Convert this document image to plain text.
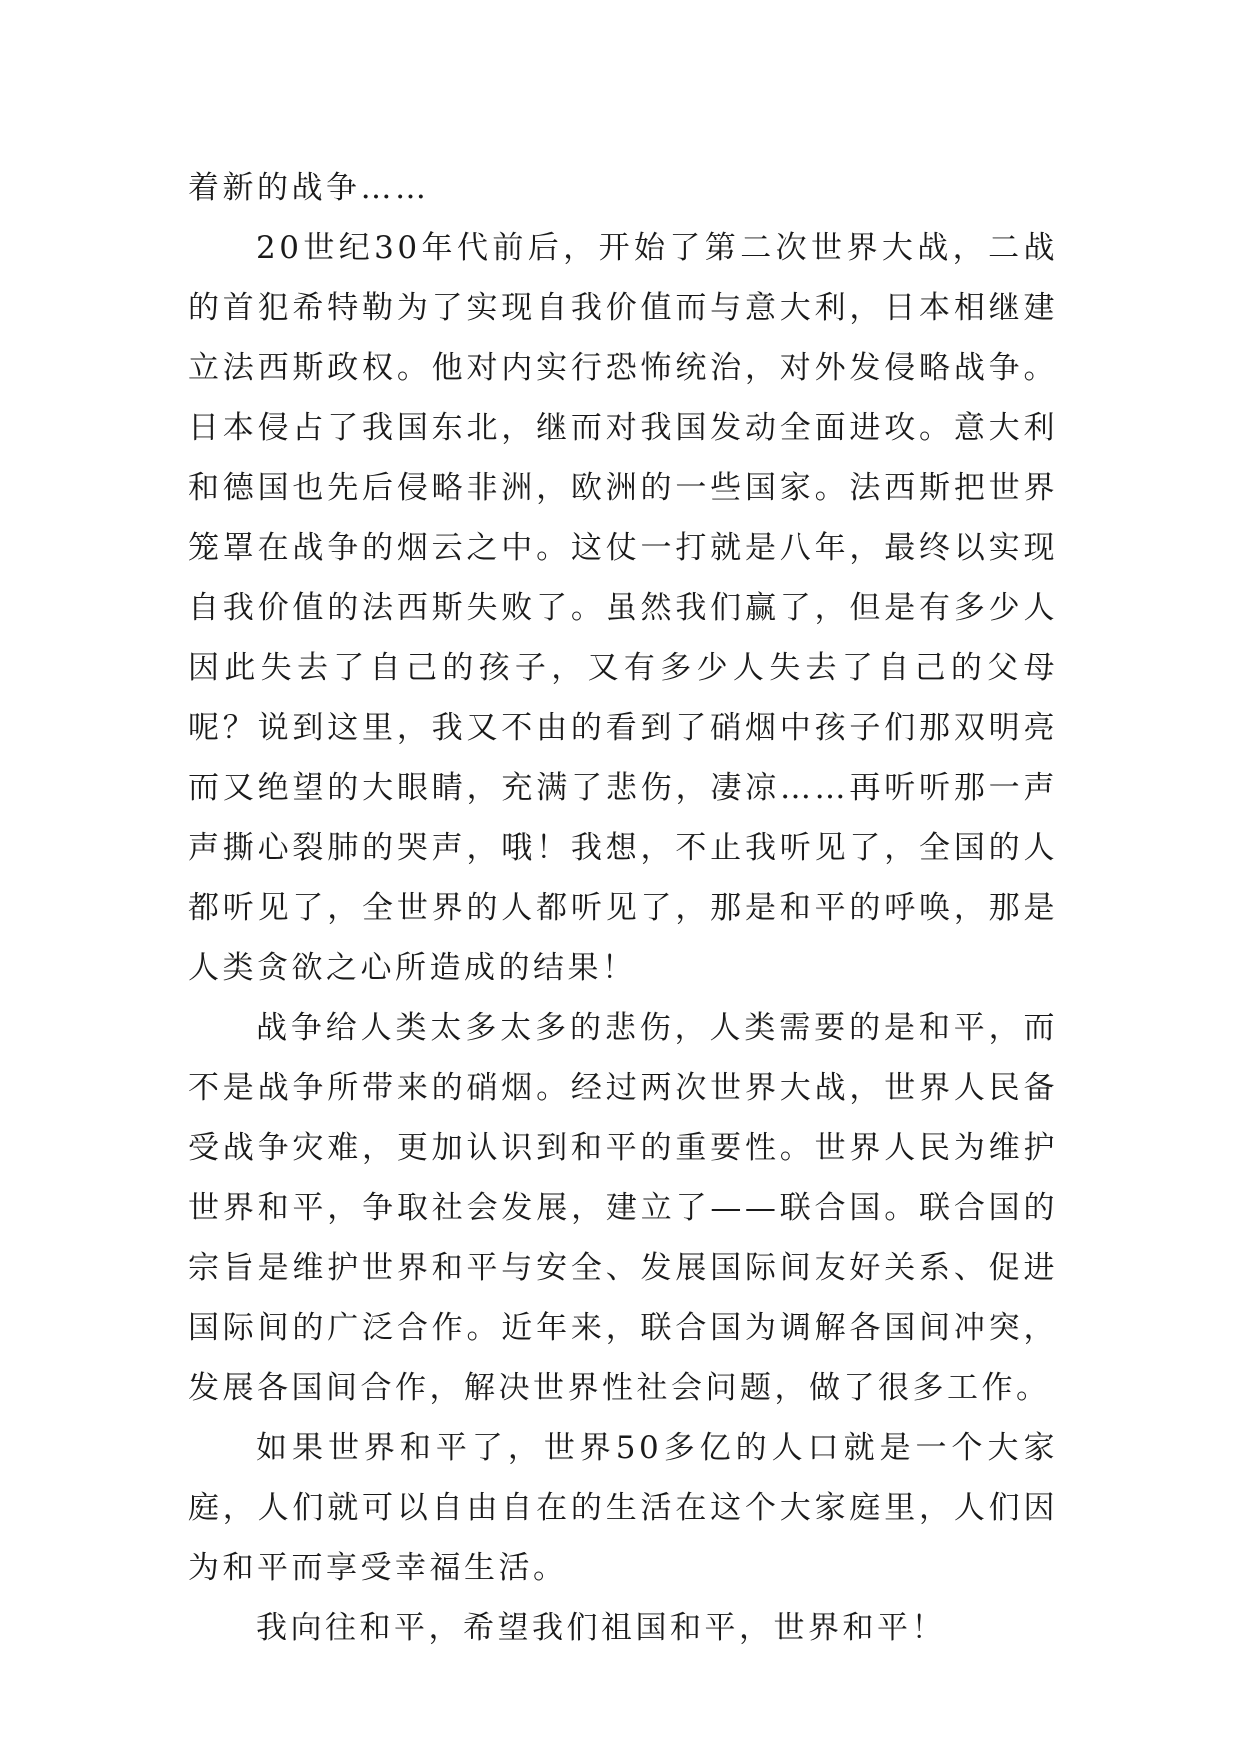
着新的战争……

20世纪30年代前后，开始了第二次世界大战，二战的首犯希特勒为了实现自我价值而与意大利，日本相继建立法西斯政权。他对内实行恐怖统治，对外发侵略战争。日本侵占了我国东北，继而对我国发动全面进攻。意大利和德国也先后侵略非洲，欧洲的一些国家。法西斯把世界笼罩在战争的烟云之中。这仗一打就是八年，最终以实现自我价值的法西斯失败了。虽然我们赢了，但是有多少人因此失去了自己的孩子，又有多少人失去了自己的父母呢？说到这里，我又不由的看到了硝烟中孩子们那双明亮而又绝望的大眼睛，充满了悲伤，凄凉……再听听那一声声撕心裂肺的哭声，哦！我想，不止我听见了，全国的人都听见了，全世界的人都听见了，那是和平的呼唤，那是人类贪欲之心所造成的结果！

战争给人类太多太多的悲伤，人类需要的是和平，而不是战争所带来的硝烟。经过两次世界大战，世界人民备受战争灾难，更加认识到和平的重要性。世界人民为维护世界和平，争取社会发展，建立了——联合国。联合国的宗旨是维护世界和平与安全、发展国际间友好关系、促进国际间的广泛合作。近年来，联合国为调解各国间冲突，发展各国间合作，解决世界性社会问题，做了很多工作。

如果世界和平了，世界50多亿的人口就是一个大家庭，人们就可以自由自在的生活在这个大家庭里，人们因为和平而享受幸福生活。

我向往和平，希望我们祖国和平，世界和平！
